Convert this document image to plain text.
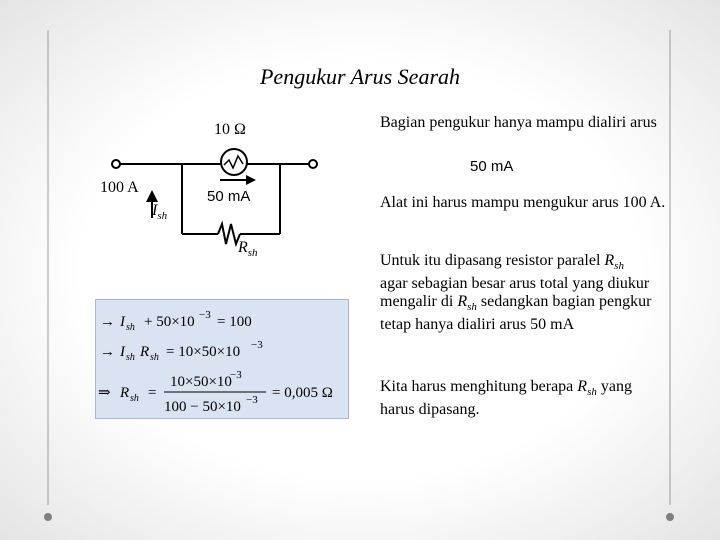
Pengukur Arus Searah
10 Ω
100 A
$I_{sh}$
50 mA
$R_{sh}$
→ I sh + 50×10 −3 = 100
→ I sh R sh = 10×50×10 −3
⇒ R sh =
10×50×10
−3
100 − 50×10 −3 = 0,005 Ω
Bagian pengukur hanya mampu dialiri arus
50 mA
Alat ini harus mampu mengukur arus 100 A.
Untuk itu dipasang resistor paralel $R_{sh}$ agar sebagian besar arus total yang diukur mengalir di $R_{sh}$ sedangkan bagian pengkur tetap hanya dialiri arus 50 mA
Kita harus menghitung berapa $R_{sh}$ yang harus dipasang.
